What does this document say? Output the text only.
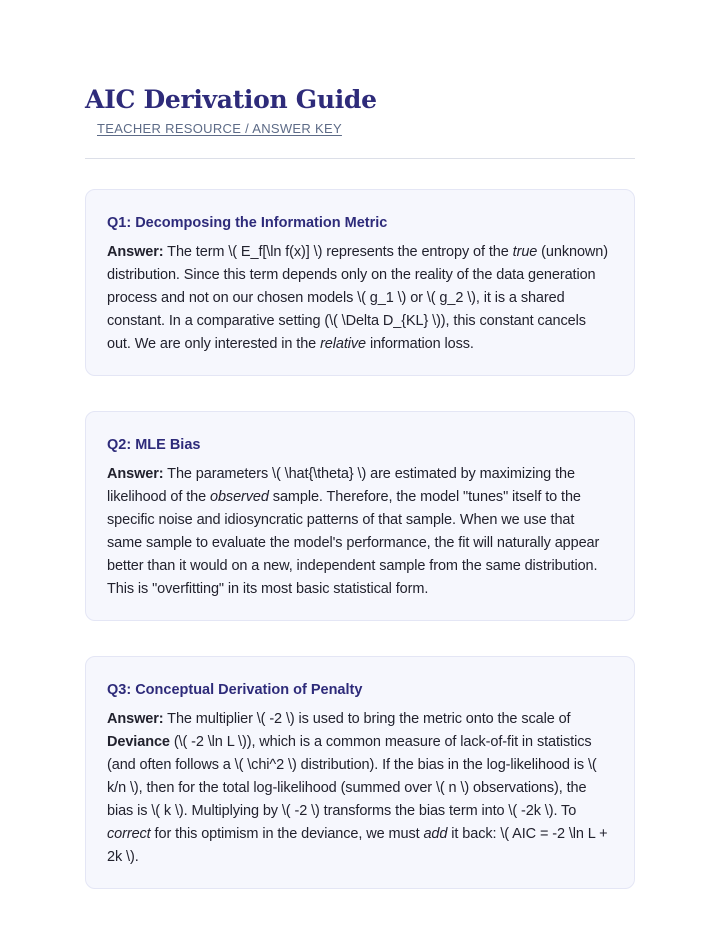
AIC Derivation Guide
TEACHER RESOURCE / ANSWER KEY
Q1: Decomposing the Information Metric

Answer: The term \( E_f[\ln f(x)] \) represents the entropy of the true (unknown) distribution. Since this term depends only on the reality of the data generation process and not on our chosen models \( g_1 \) or \( g_2 \), it is a shared constant. In a comparative setting (\( \Delta D_{KL} \)), this constant cancels out. We are only interested in the relative information loss.

Q2: MLE Bias

Answer: The parameters \( \hat{\theta} \) are estimated by maximizing the likelihood of the observed sample. Therefore, the model "tunes" itself to the specific noise and idiosyncratic patterns of that sample. When we use that same sample to evaluate the model's performance, the fit will naturally appear better than it would on a new, independent sample from the same distribution. This is "overfitting" in its most basic statistical form.

Q3: Conceptual Derivation of Penalty

Answer: The multiplier \( -2 \) is used to bring the metric onto the scale of Deviance (\( -2 \ln L \)), which is a common measure of lack-of-fit in statistics (and often follows a \( \chi^2 \) distribution). If the bias in the log-likelihood is \( k/n \), then for the total log-likelihood (summed over \( n \) observations), the bias is \( k \). Multiplying by \( -2 \) transforms the bias term into \( -2k \). To correct for this optimism in the deviance, we must add it back: \( AIC = -2 \ln L + 2k \).
